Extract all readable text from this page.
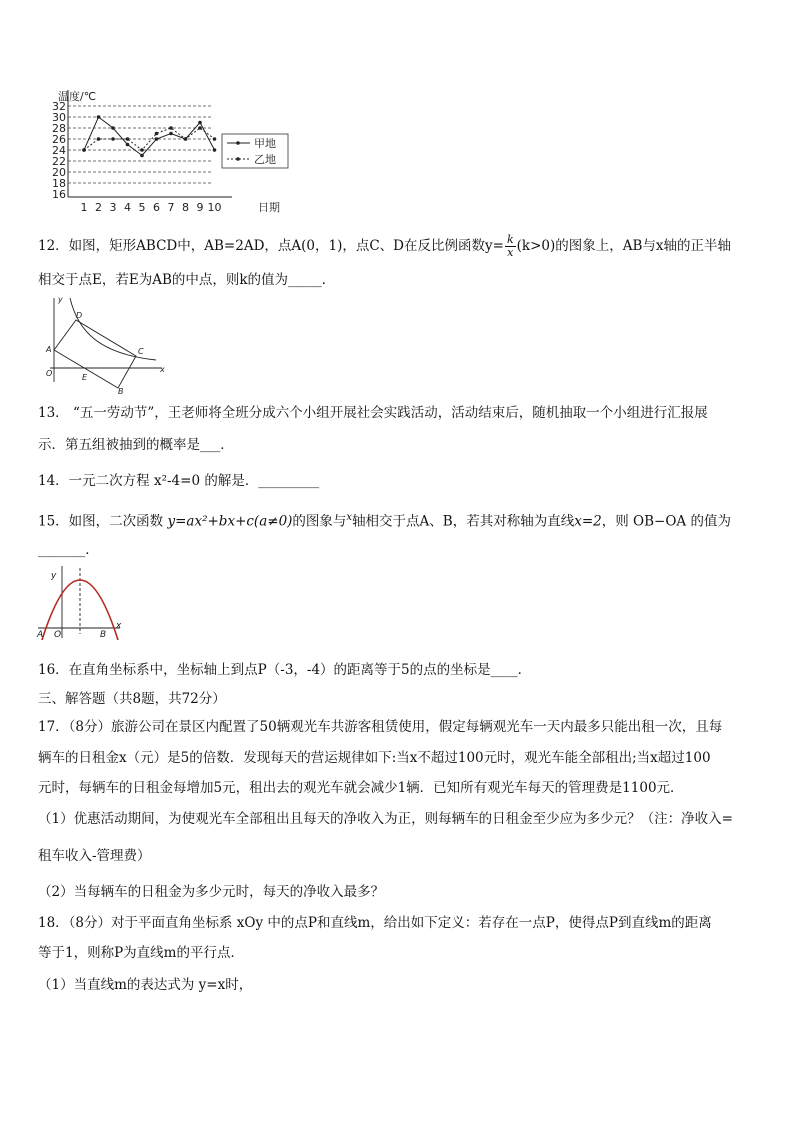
温度/℃
日期
32
30
28
26
24
22
20
18
16
1 2 3 4 5 6 7 8 9 10
甲地
乙地
12．如图，矩形ABCD中，AB=2AD，点A(0，1)，点C、D在反比例函数$y= \frac{k}{x} (k>0)$的图象上，AB与x轴的正半轴
相交于点E，若E为AB的中点，则k的值为_____．
y
x
D
A	C
O	E
B
13． “五一劳动节”，王老师将全班分成六个小组开展社会实践活动，活动结束后，随机抽取一个小组进行汇报展
示．第五组被抽到的概率是___．
14．一元二次方程 x²-4=0 的解是．_________
15．如图，二次函数 y=ax²+bx+c(a≠0)的图象与$^x$轴相交于点A、B，若其对称轴为直线x=2，则 OB−OA 的值为
_______．
y
x
A O	B
16．在直角坐标系中，坐标轴上到点P（-3，-4）的距离等于5的点的坐标是____．
三、解答题（共8题，共72分）
17．（8分）旅游公司在景区内配置了50辆观光车共游客租赁使用，假定每辆观光车一天内最多只能出租一次，且每
辆车的日租金x（元）是5的倍数．发现每天的营运规律如下:当x不超过100元时，观光车能全部租出;当x超过100
元时，每辆车的日租金每增加5元，租出去的观光车就会减少1辆．已知所有观光车每天的管理费是1100元．
（1）优惠活动期间，为使观光车全部租出且每天的净收入为正，则每辆车的日租金至少应为多少元？（注：净收入=
租车收入-管理费）
（2）当每辆车的日租金为多少元时，每天的净收入最多？
18．（8分）对于平面直角坐标系 xOy 中的点P和直线m，给出如下定义：若存在一点P，使得点P到直线m的距离
等于1，则称P为直线m的平行点．
（1）当直线m的表达式为 y=x时，
